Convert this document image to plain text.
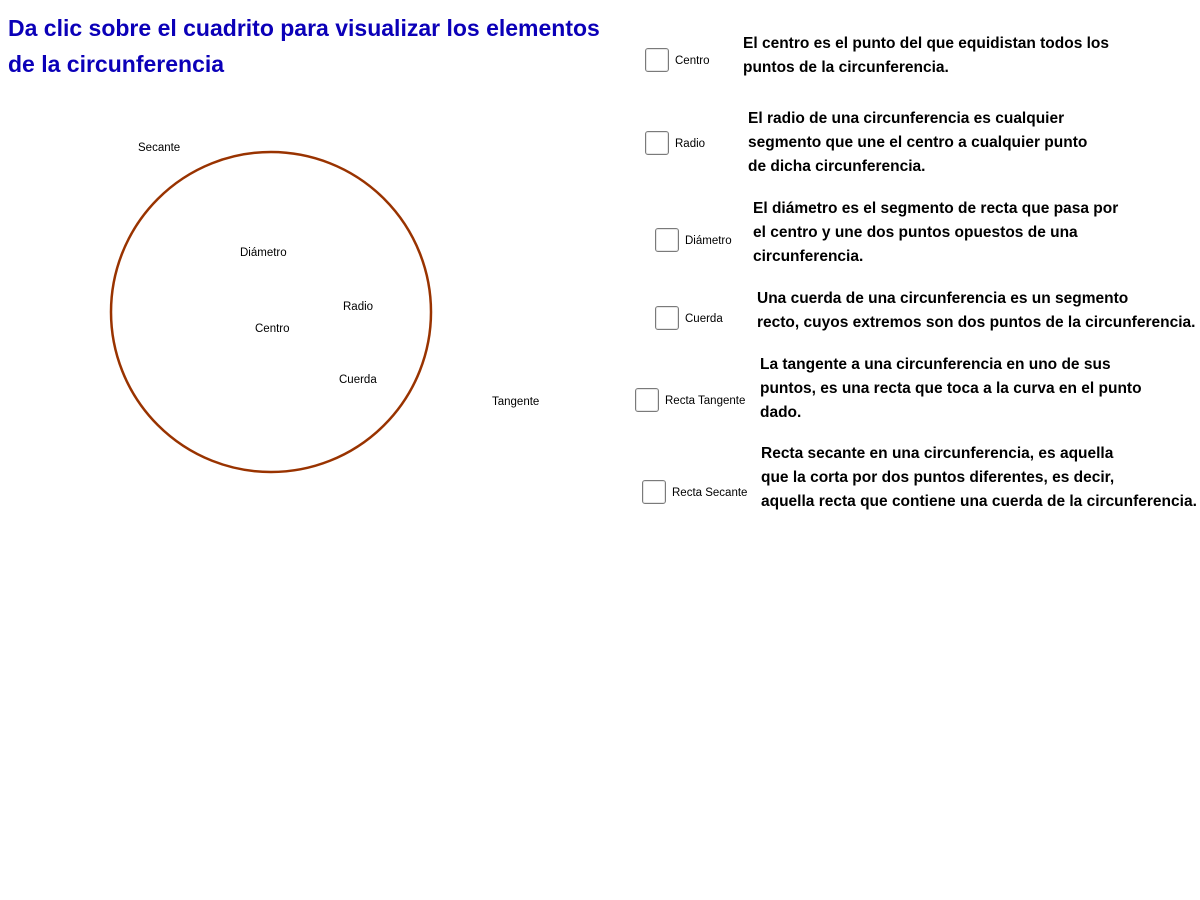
Da clic sobre el cuadrito para visualizar los elementos
de la circunferencia
Secante
Diámetro
Radio
Centro
Cuerda
Tangente
Centro
El centro es el punto del que equidistan todos los
puntos de la circunferencia.
Radio
El radio de una circunferencia es cualquier
segmento que une el centro a cualquier punto
de dicha circunferencia.
Diámetro
El diámetro es el segmento de recta que pasa por
el centro y une dos puntos opuestos de una
circunferencia.
Cuerda
Una cuerda de una circunferencia es un segmento
recto, cuyos extremos son dos puntos de la circunferencia.
Recta Tangente
La tangente a una circunferencia en uno de sus
puntos, es una recta que toca a la curva en el punto
dado.
Recta Secante
Recta secante en una circunferencia, es aquella
que la corta por dos puntos diferentes, es decir,
aquella recta que contiene una cuerda de la circunferencia.
